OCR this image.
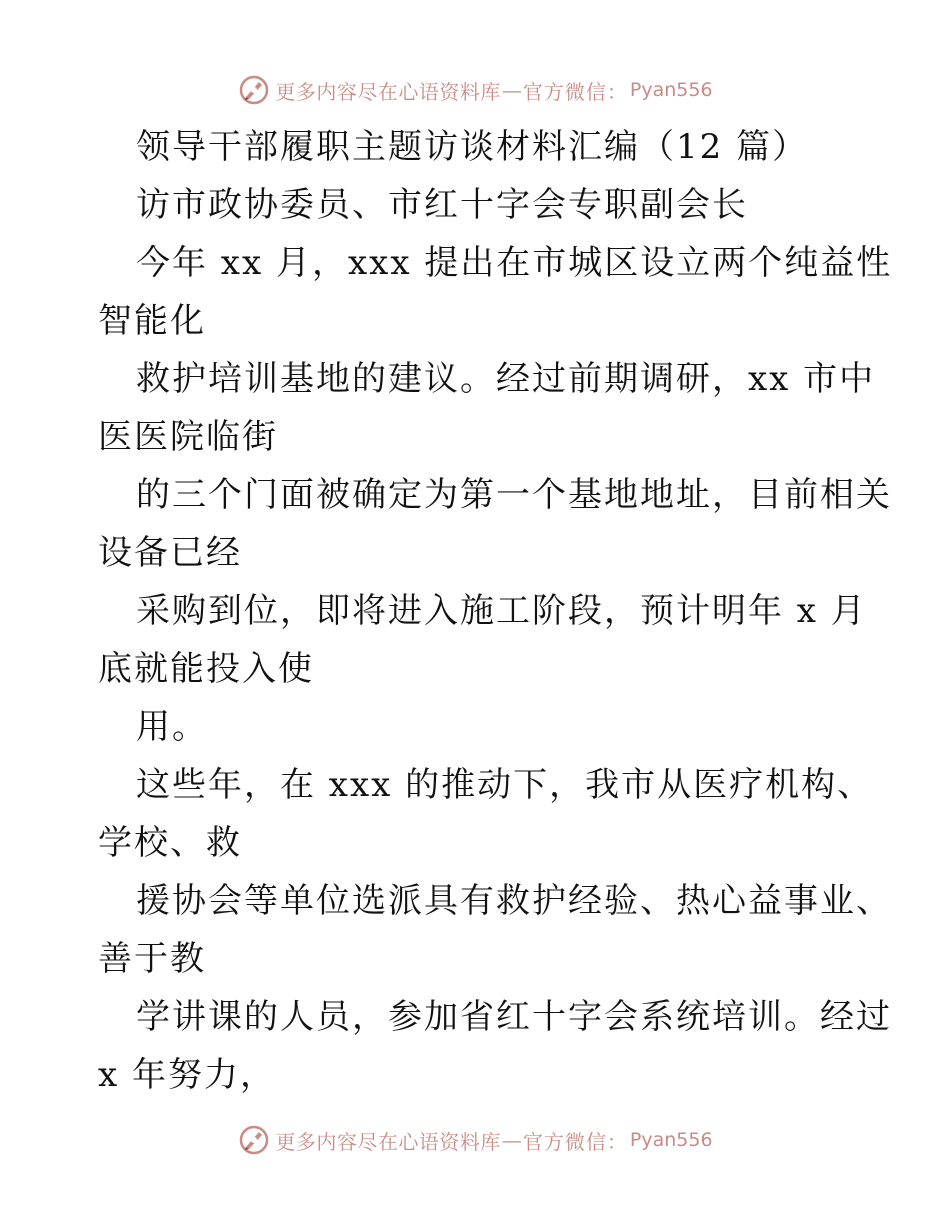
更多内容尽在心语资料库 — 官方微信： Pyan556
领导干部履职主题访谈材料汇编（12 篇）
访市政协委员、市红十字会专职副会长
今年 xx 月，xxx 提出在市城区设立两个纯益性
智能化
救护培训基地的建议。经过前期调研，xx 市中
医医院临街
的三个门面被确定为第一个基地地址，目前相关
设备已经
采购到位，即将进入施工阶段，预计明年 x 月
底就能投入使
用。
这些年，在 xxx 的推动下，我市从医疗机构、
学校、救
援协会等单位选派具有救护经验、热心益事业、
善于教
学讲课的人员，参加省红十字会系统培训。经过
x 年努力，
更多内容尽在心语资料库 — 官方微信： Pyan556
